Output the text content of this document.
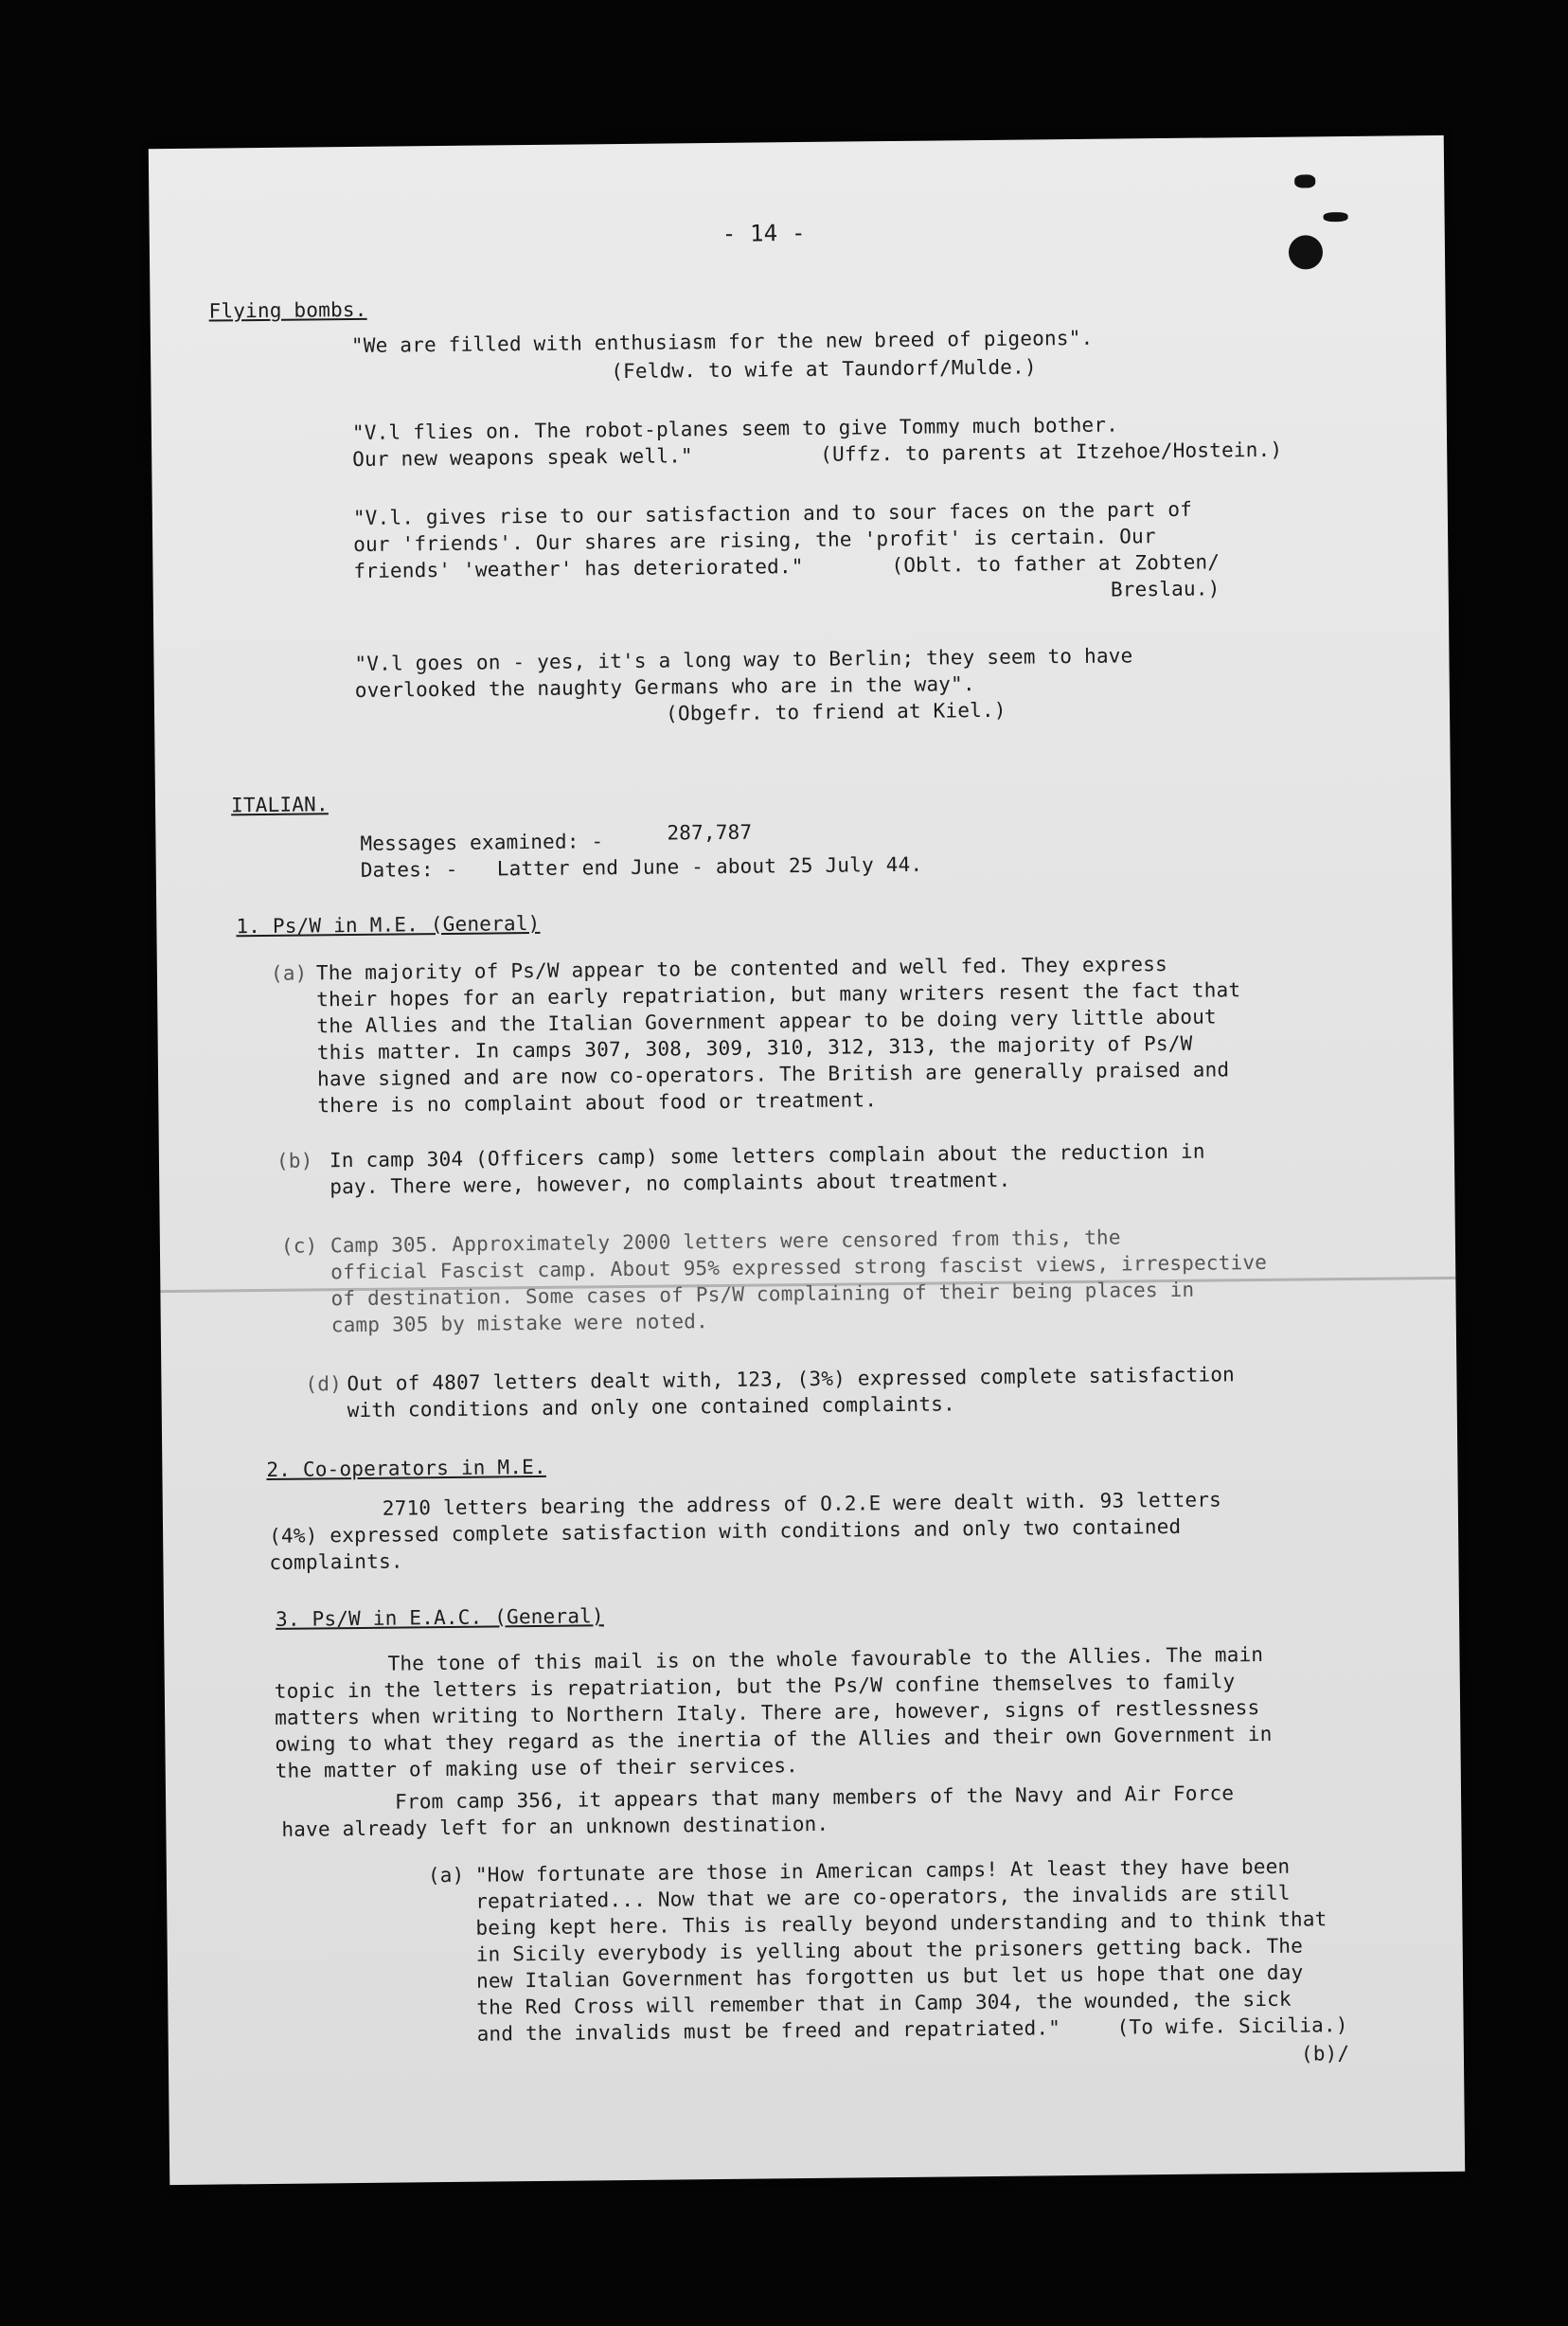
- 14 -
Flying bombs.
"We are filled with enthusiasm for the new breed of pigeons".
(Feldw. to wife at Taundorf/Mulde.)
"V.l flies on. The robot-planes seem to give Tommy much bother.
Our new weapons speak well."	(Uffz. to parents at Itzehoe/Hostein.)
"V.l. gives rise to our satisfaction and to sour faces on the part of
our 'friends'. Our shares are rising, the 'profit' is certain. Our
friends' 'weather' has deteriorated."	(Oblt. to father at Zobten/
Breslau.)
"V.l goes on - yes, it's a long way to Berlin; they seem to have
overlooked the naughty Germans who are in the way".
(Obgefr. to friend at Kiel.)
ITALIAN.
Messages examined: -	287,787
Dates: - Latter end June - about 25 July 44.
1. Ps/W in M.E. (General)
(a) The majority of Ps/W appear to be contented and well fed. They express
their hopes for an early repatriation, but many writers resent the fact that
the Allies and the Italian Government appear to be doing very little about
this matter. In camps 307, 308, 309, 310, 312, 313, the majority of Ps/W
have signed and are now co-operators. The British are generally praised and
there is no complaint about food or treatment.
(b) In camp 304 (Officers camp) some letters complain about the reduction in
pay. There were, however, no complaints about treatment.
(c) Camp 305. Approximately 2000 letters were censored from this, the
official Fascist camp. About 95% expressed strong fascist views, irrespective
of destination. Some cases of Ps/W complaining of their being places in
camp 305 by mistake were noted.
(d) Out of 4807 letters dealt with, 123, (3%) expressed complete satisfaction
with conditions and only one contained complaints.
2. Co-operators in M.E.
2710 letters bearing the address of O.2.E were dealt with. 93 letters
(4%) expressed complete satisfaction with conditions and only two contained
complaints.
3. Ps/W in E.A.C. (General)
The tone of this mail is on the whole favourable to the Allies. The main
topic in the letters is repatriation, but the Ps/W confine themselves to family
matters when writing to Northern Italy. There are, however, signs of restlessness
owing to what they regard as the inertia of the Allies and their own Government in
the matter of making use of their services.
From camp 356, it appears that many members of the Navy and Air Force
have already left for an unknown destination.
(a) "How fortunate are those in American camps! At least they have been
repatriated... Now that we are co-operators, the invalids are still
being kept here. This is really beyond understanding and to think that
in Sicily everybody is yelling about the prisoners getting back. The
new Italian Government has forgotten us but let us hope that one day
the Red Cross will remember that in Camp 304, the wounded, the sick
and the invalids must be freed and repatriated."	(To wife. Sicilia.)
(b)/
